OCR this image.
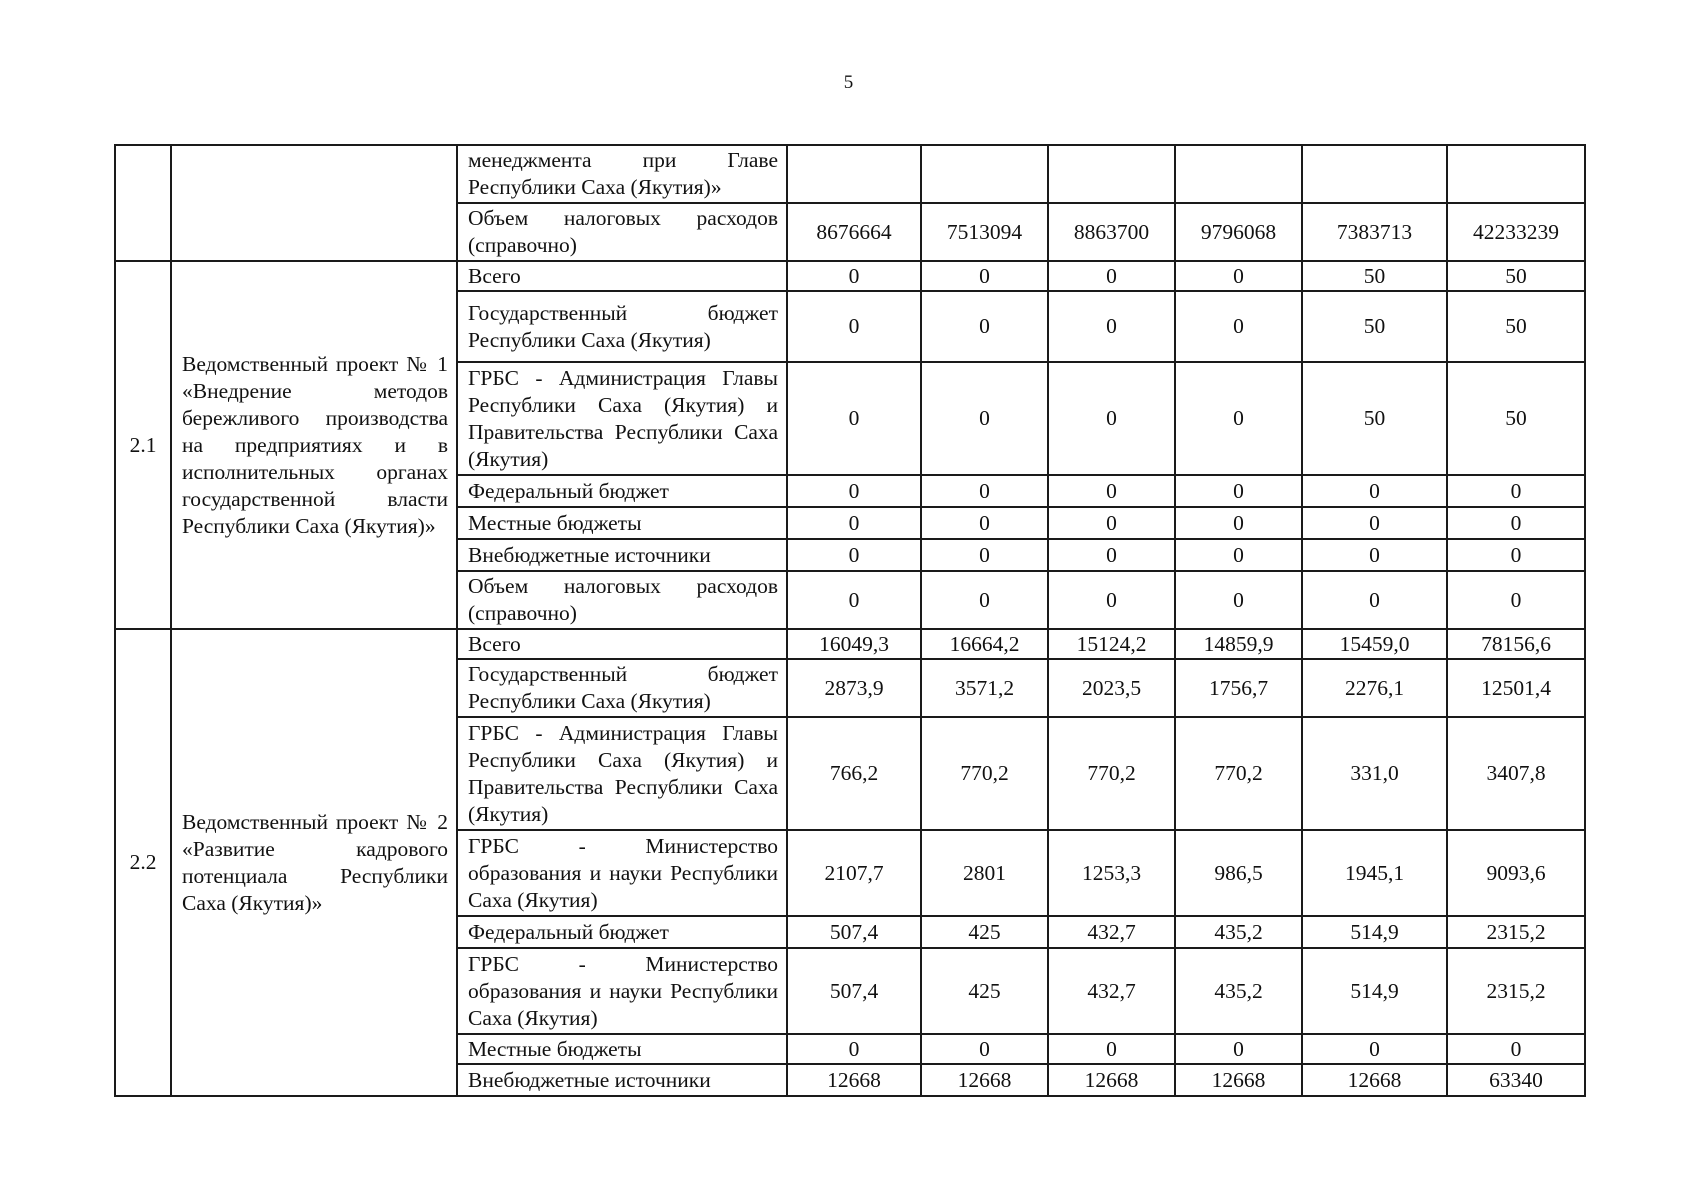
5
		менеджмента при Главе Республики Саха (Якутия)»						
		Объем налоговых расходов (справочно)	8676664	7513094	8863700	9796068	7383713	42233239
2.1	Ведомственный проект № 1 «Внедрение методов бережливого производства на предприятиях и в исполнительных органах государственной власти Республики Саха (Якутия)»	Всего	0	0	0	0	50	50
		Государственный бюджет Республики Саха (Якутия)	0	0	0	0	50	50
		ГРБС - Администрация Главы Республики Саха (Якутия) и Правительства Республики Саха (Якутия)	0	0	0	0	50	50
		Федеральный бюджет	0	0	0	0	0	0
		Местные бюджеты	0	0	0	0	0	0
		Внебюджетные источники	0	0	0	0	0	0
		Объем налоговых расходов (справочно)	0	0	0	0	0	0
2.2	Ведомственный проект № 2 «Развитие кадрового потенциала Республики Саха (Якутия)»	Всего	16049,3	16664,2	15124,2	14859,9	15459,0	78156,6
		Государственный бюджет Республики Саха (Якутия)	2873,9	3571,2	2023,5	1756,7	2276,1	12501,4
		ГРБС - Администрация Главы Республики Саха (Якутия) и Правительства Республики Саха (Якутия)	766,2	770,2	770,2	770,2	331,0	3407,8
		ГРБС - Министерство образования и науки Республики Саха (Якутия)	2107,7	2801	1253,3	986,5	1945,1	9093,6
		Федеральный бюджет	507,4	425	432,7	435,2	514,9	2315,2
		ГРБС - Министерство образования и науки Республики Саха (Якутия)	507,4	425	432,7	435,2	514,9	2315,2
		Местные бюджеты	0	0	0	0	0	0
		Внебюджетные источники	12668	12668	12668	12668	12668	63340
